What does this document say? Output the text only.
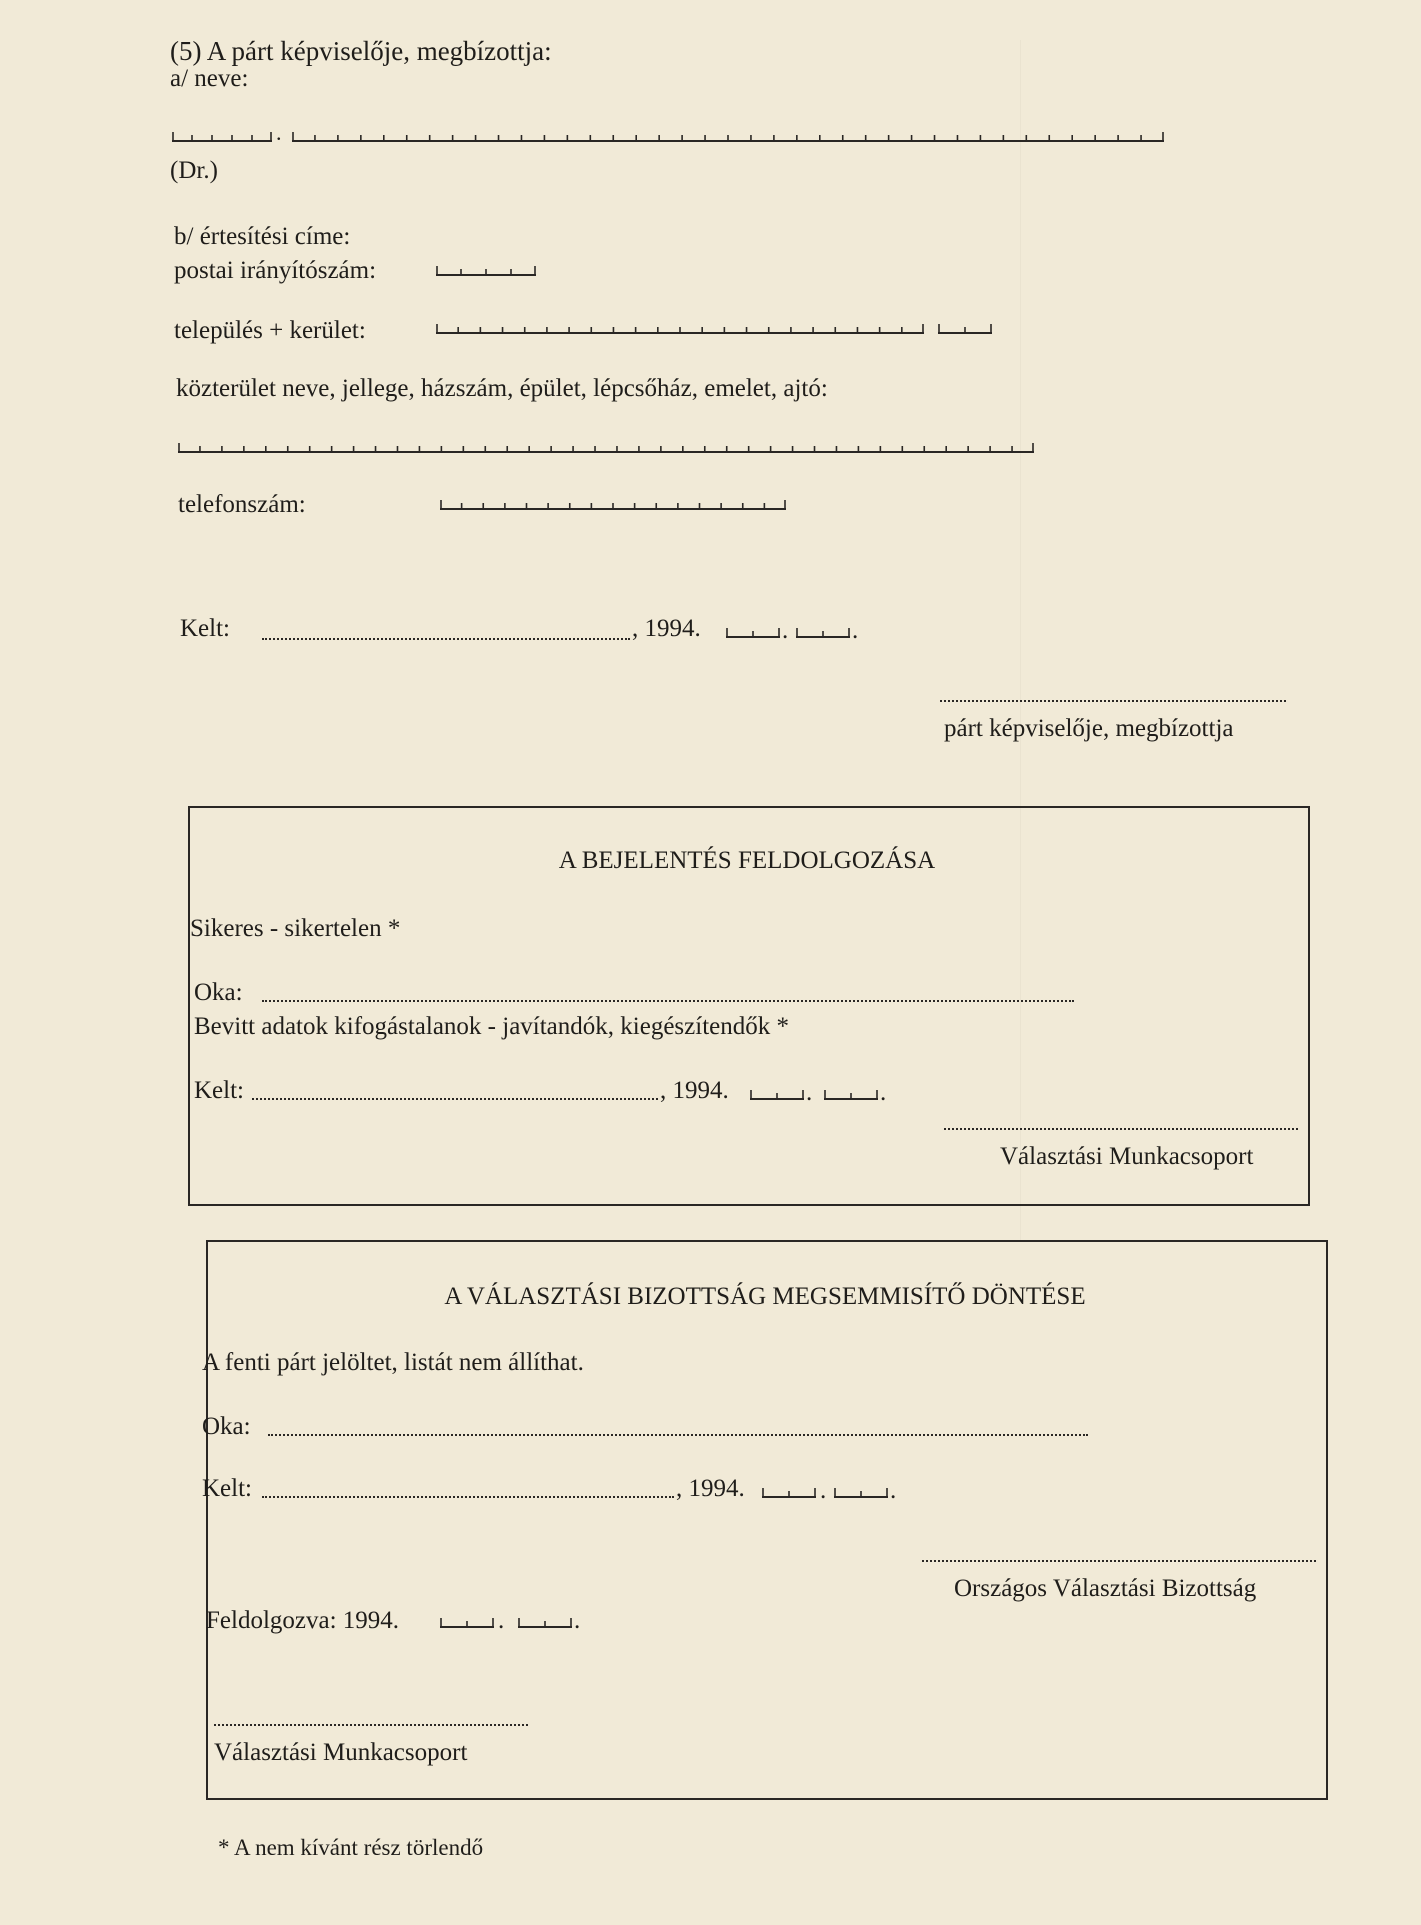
(5) A párt képviselője, megbízottja:
a/ neve:
.
(Dr.)
b/ értesítési címe:
postai irányítószám:
település + kerület:
közterület neve, jellege, házszám, épület, lépcsőház, emelet, ajtó:
telefonszám:
Kelt:	, 1994.	.	.
párt képviselője, megbízottja
A BEJELENTÉS FELDOLGOZÁSA
Sikeres - sikertelen *
Oka:
Bevitt adatok kifogástalanok - javítandók, kiegészítendők *
Kelt:	, 1994.	.	.
Választási Munkacsoport
A VÁLASZTÁSI BIZOTTSÁG MEGSEMMISÍTŐ DÖNTÉSE
A fenti párt jelöltet, listát nem állíthat.
Oka:
Kelt:	, 1994.	.	.
Országos Választási Bizottság
Feldolgozva: 1994.	.	.
Választási Munkacsoport
* A nem kívánt rész törlendő
